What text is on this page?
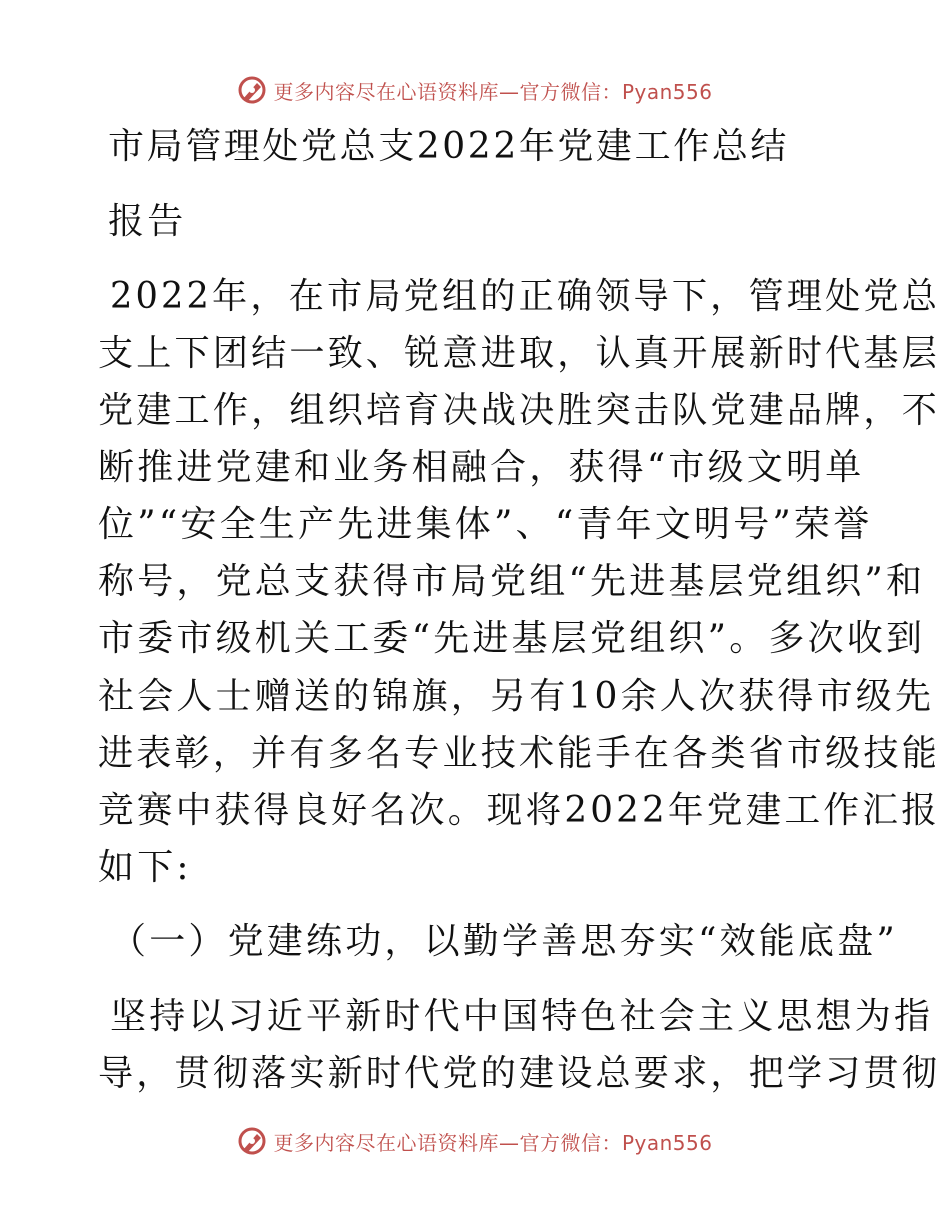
更多内容尽在心语资料库—官方微信：Pyan556
市局管理处党总支2022年党建工作总结
报告
2022年，在市局党组的正确领导下，管理处党总
支上下团结一致、锐意进取，认真开展新时代基层
党建工作，组织培育决战决胜突击队党建品牌，不
断推进党建和业务相融合，获得“市级文明单
位”“安全生产先进集体”、“青年文明号”荣誉
称号，党总支获得市局党组“先进基层党组织”和
市委市级机关工委“先进基层党组织”。多次收到
社会人士赠送的锦旗，另有10余人次获得市级先
进表彰，并有多名专业技术能手在各类省市级技能
竞赛中获得良好名次。现将2022年党建工作汇报
如下:
（一）党建练功，以勤学善思夯实“效能底盘”
坚持以习近平新时代中国特色社会主义思想为指
导，贯彻落实新时代党的建设总要求，把学习贯彻
更多内容尽在心语资料库—官方微信：Pyan556
